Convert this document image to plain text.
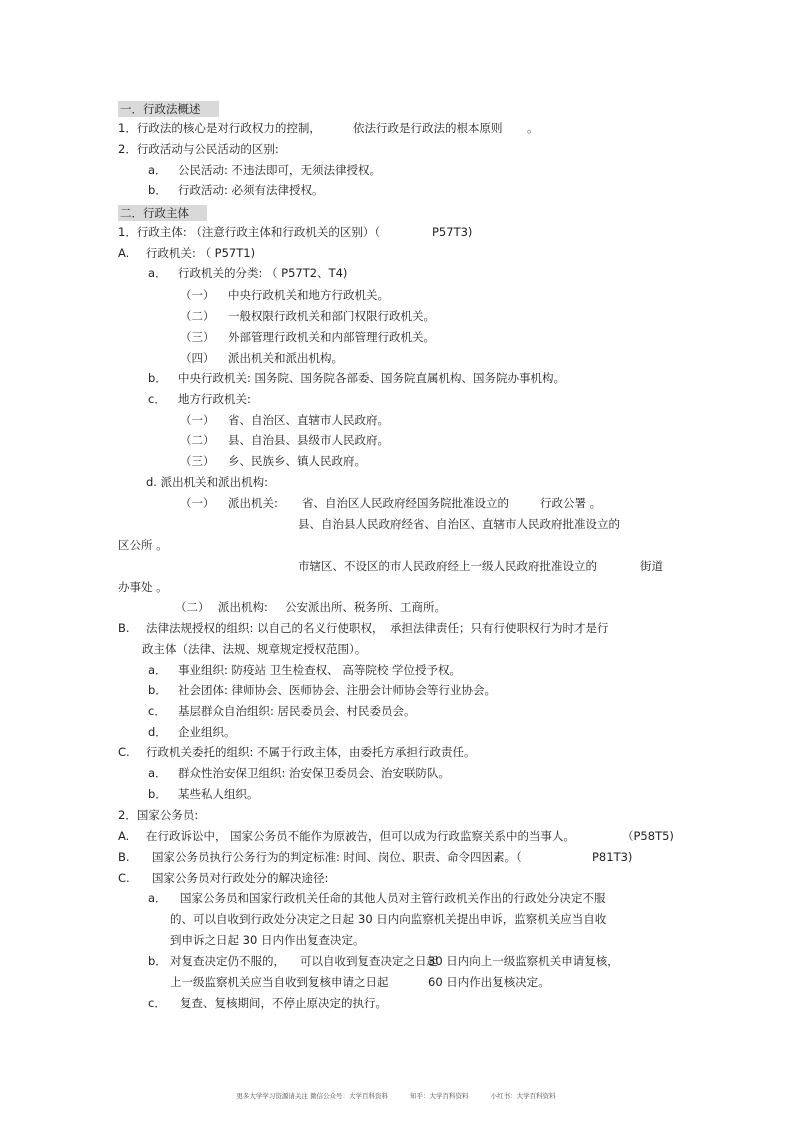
一．行政法概述
1．行政法的核心是对行政权力的控制，	依法行政是行政法的根本原则 。
2．行政活动与公民活动的区别:
a． 公民活动: 不违法即可，无须法律授权。
b． 行政活动: 必须有法律授权。
二．行政主体
1．行政主体: （注意行政主体和行政机关的区别）（	P57T3)
A. 行政机关: （ P57T1)
a． 行政机关的分类: （ P57T2、T4)
（一） 中央行政机关和地方行政机关。
（二） 一般权限行政机关和部门权限行政机关。
（三） 外部管理行政机关和内部管理行政机关。
（四） 派出机关和派出机构。
b． 中央行政机关: 国务院、国务院各部委、国务院直属机构、国务院办事机构。
c． 地方行政机关:
（一） 省、自治区、直辖市人民政府。
（二） 县、自治县、县级市人民政府。
（三） 乡、民族乡、镇人民政府。
d. 派出机关和派出机构:
（一） 派出机关: 省、自治区人民政府经国务院批准设立的	行政公署 。
县、自治县人民政府经省、自治区、直辖市人民政府批准设立的
区公所 。
市辖区、不设区的市人民政府经上一级人民政府批准设立的	街道
办事处 。
（二） 派出机构: 公安派出所、税务所、工商所。
B. 法律法规授权的组织: 以自己的名义行使职权， 承担法律责任；只有行使职权行为时才是行
政主体（法律、法规、规章规定授权范围）。
a． 事业组织: 防疫站 卫生检查权、 高等院校 学位授予权。
b． 社会团体: 律师协会、医师协会、注册会计师协会等行业协会。
c． 基层群众自治组织: 居民委员会、村民委员会。
d． 企业组织。
C. 行政机关委托的组织: 不属于行政主体，由委托方承担行政责任。
a． 群众性治安保卫组织: 治安保卫委员会、治安联防队。
b． 某些私人组织。
2．国家公务员:
A. 在行政诉讼中， 国家公务员不能作为原、
被告，但可以成为行政监察关系中的当事人。	（P58T5)
B. 国家公务员执行公务行为的判定标准: 时间、岗位、职责、命令四因素。（	P81T3)
C. 国家公务员对行政处分的解决途径:
a． 国家公务员和国家行政机关任命的其他人员对主管行政机关作出的行政处分决定不服
的、可以自收到行政处分决定之日起 30 日内向监察机关提出申诉，监察机关应当自收
到申诉之日起 30 日内作出复查决定。
b． 对复查决定仍不服的， 可以自收到复查决定之日起
30 日内向上一级监察机关申请复核，
上一级监察机关应当自收到复核申请之日起	60 日内作出复核决定。
c． 复查、复核期间，不停止原决定的执行。
更多大学学习资源请关注 微信公众号：大学百科资料	知乎：大学百科资料	小红书：大学百科资料
